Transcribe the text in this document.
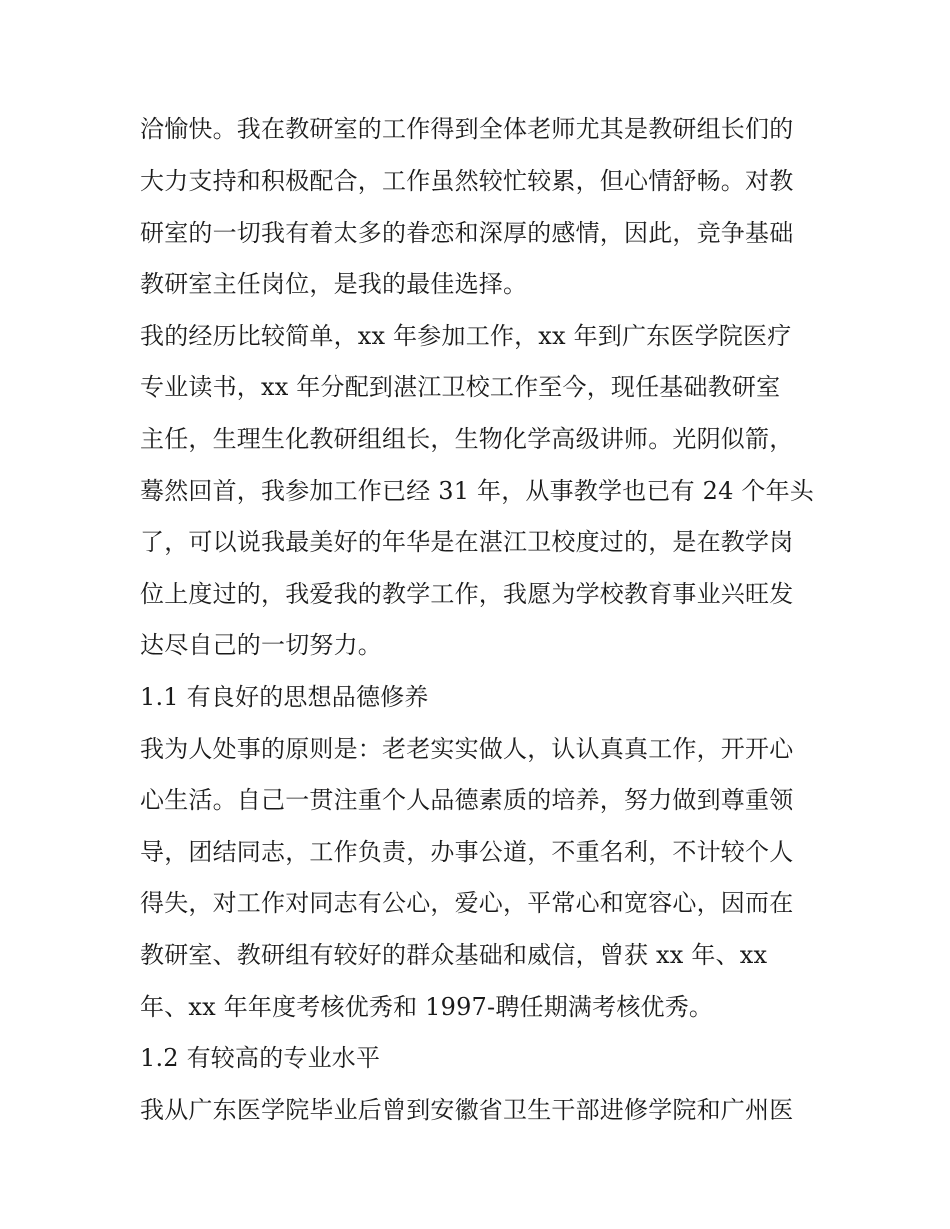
洽愉快。我在教研室的工作得到全体老师尤其是教研组长们的
大力支持和积极配合，工作虽然较忙较累，但心情舒畅。对教
研室的一切我有着太多的眷恋和深厚的感情，因此，竞争基础
教研室主任岗位，是我的最佳选择。
我的经历比较简单，xx 年参加工作，xx 年到广东医学院医疗
专业读书，xx 年分配到湛江卫校工作至今，现任基础教研室
主任，生理生化教研组组长，生物化学高级讲师。光阴似箭，
蓦然回首，我参加工作已经 31 年，从事教学也已有 24 个年头
了，可以说我最美好的年华是在湛江卫校度过的，是在教学岗
位上度过的，我爱我的教学工作，我愿为学校教育事业兴旺发
达尽自己的一切努力。
1.1 有良好的思想品德修养
我为人处事的原则是：老老实实做人，认认真真工作，开开心
心生活。自己一贯注重个人品德素质的培养，努力做到尊重领
导，团结同志，工作负责，办事公道，不重名利，不计较个人
得失，对工作对同志有公心，爱心，平常心和宽容心，因而在
教研室、教研组有较好的群众基础和威信，曾获 xx 年、xx
年、xx 年年度考核优秀和 1997-聘任期满考核优秀。
1.2 有较高的专业水平
我从广东医学院毕业后曾到安徽省卫生干部进修学院和广州医
